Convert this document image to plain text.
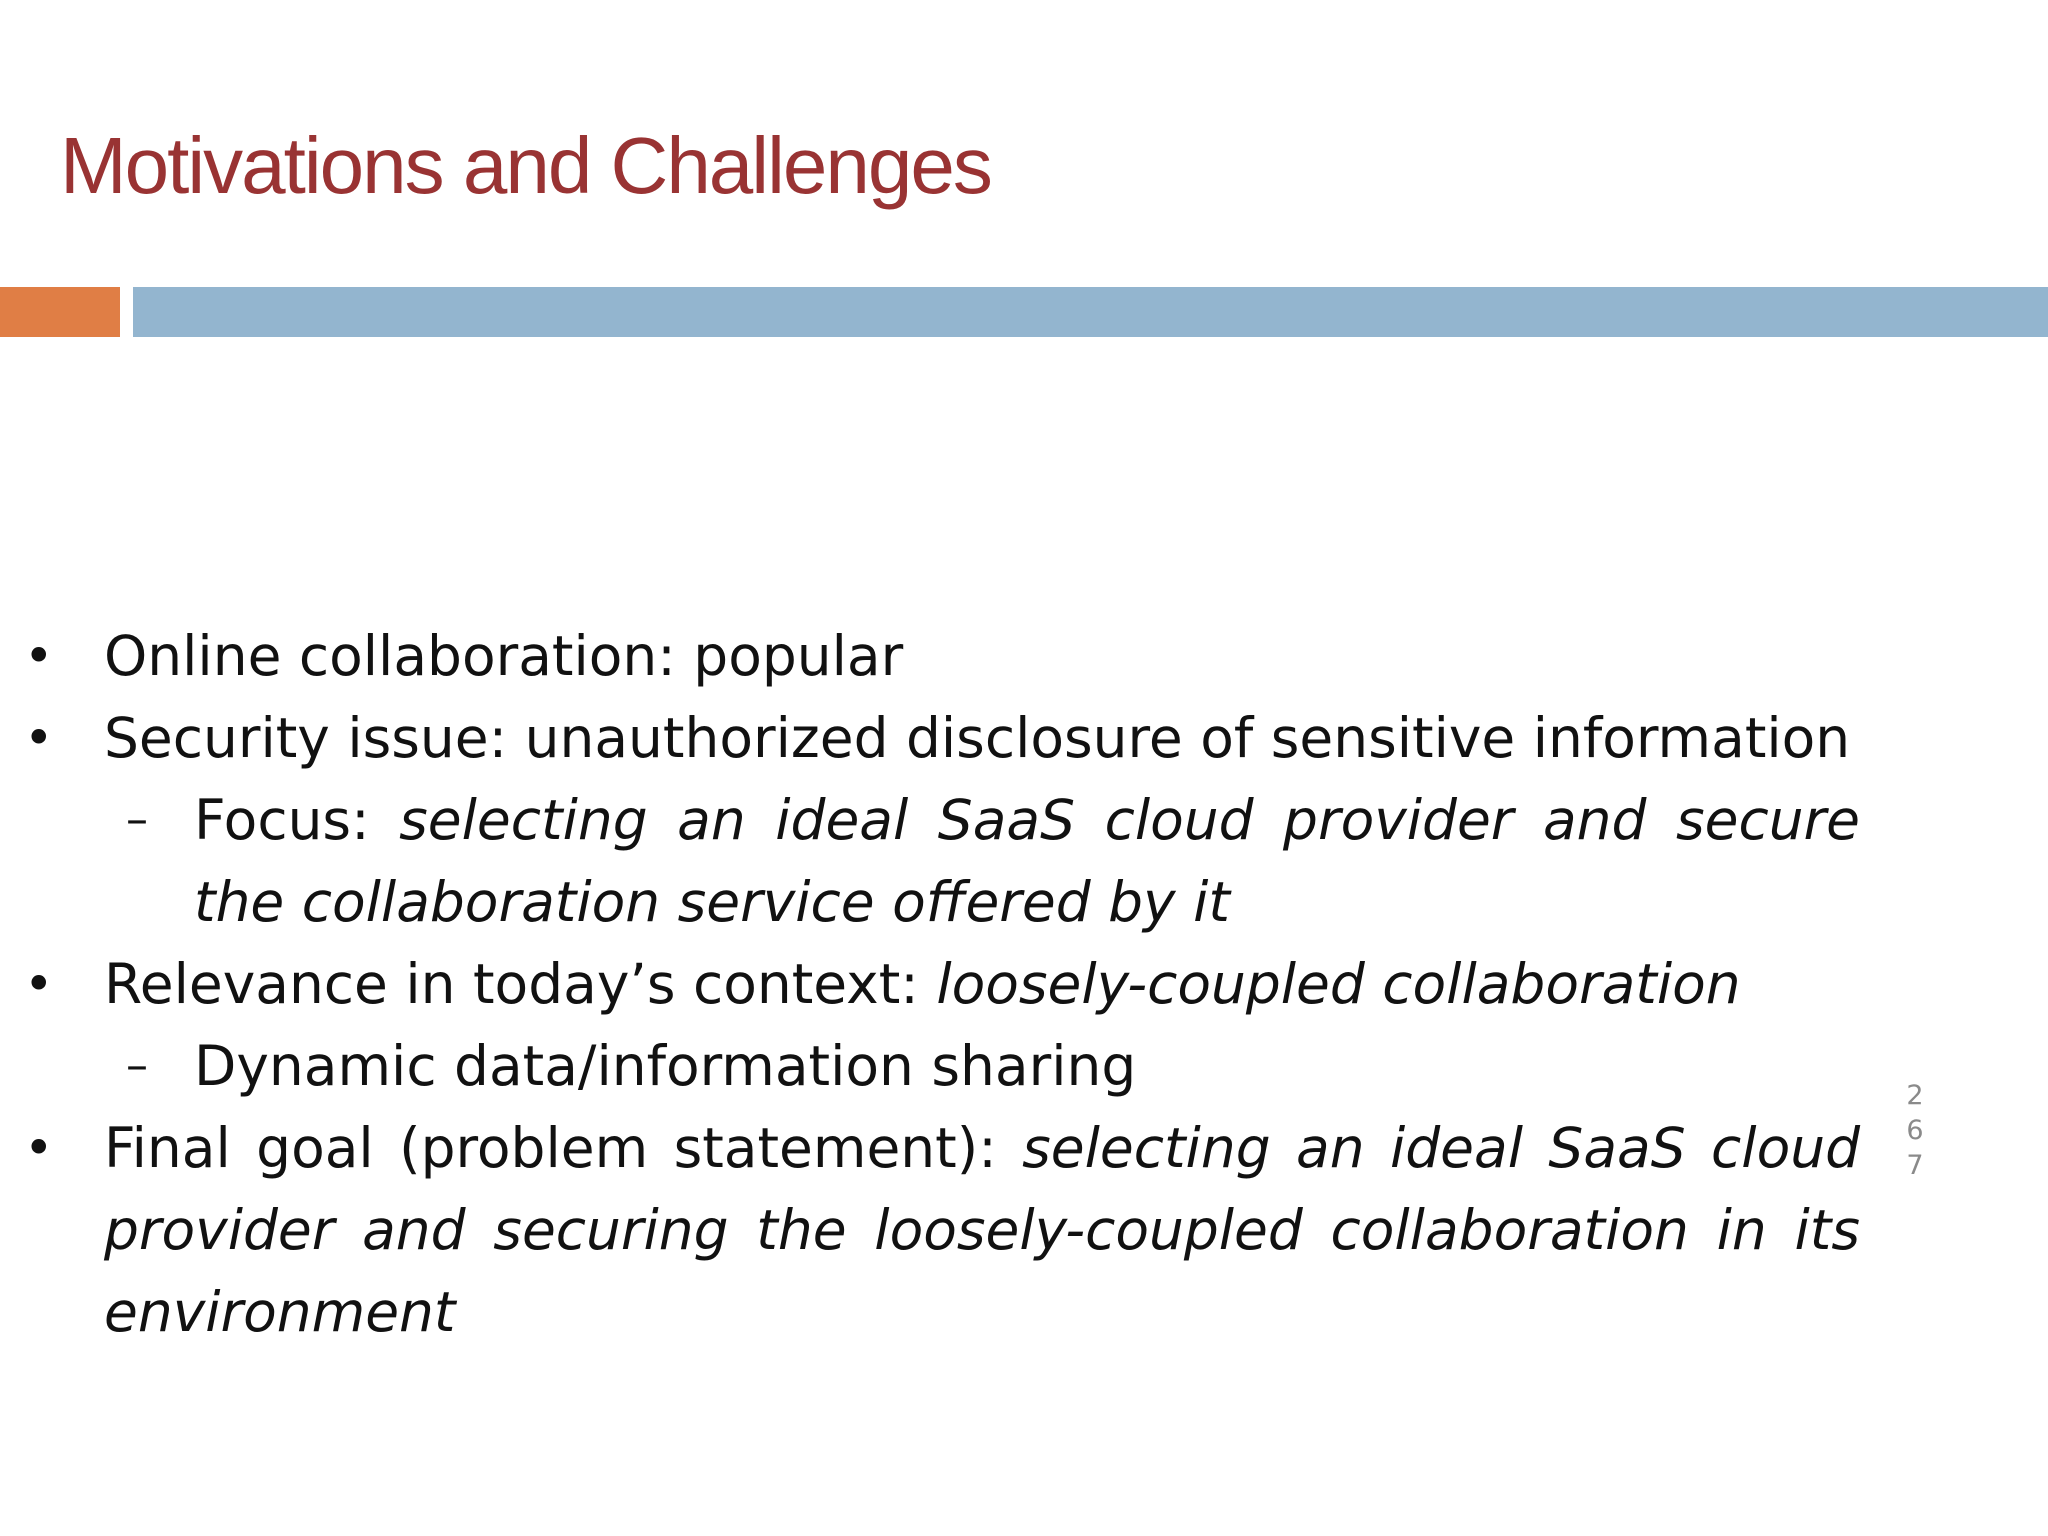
Motivations and Challenges
• Online collaboration: popular
• Security issue: unauthorized disclosure of sensitive information
– Focus: selecting an ideal SaaS cloud provider and secure the collaboration service offered by it
• Relevance in today’s context: loosely-coupled collaboration
– Dynamic data/information sharing
• Final goal (problem statement): selecting an ideal SaaS cloud provider and securing the loosely-coupled collaboration in its environment
2
6
7
